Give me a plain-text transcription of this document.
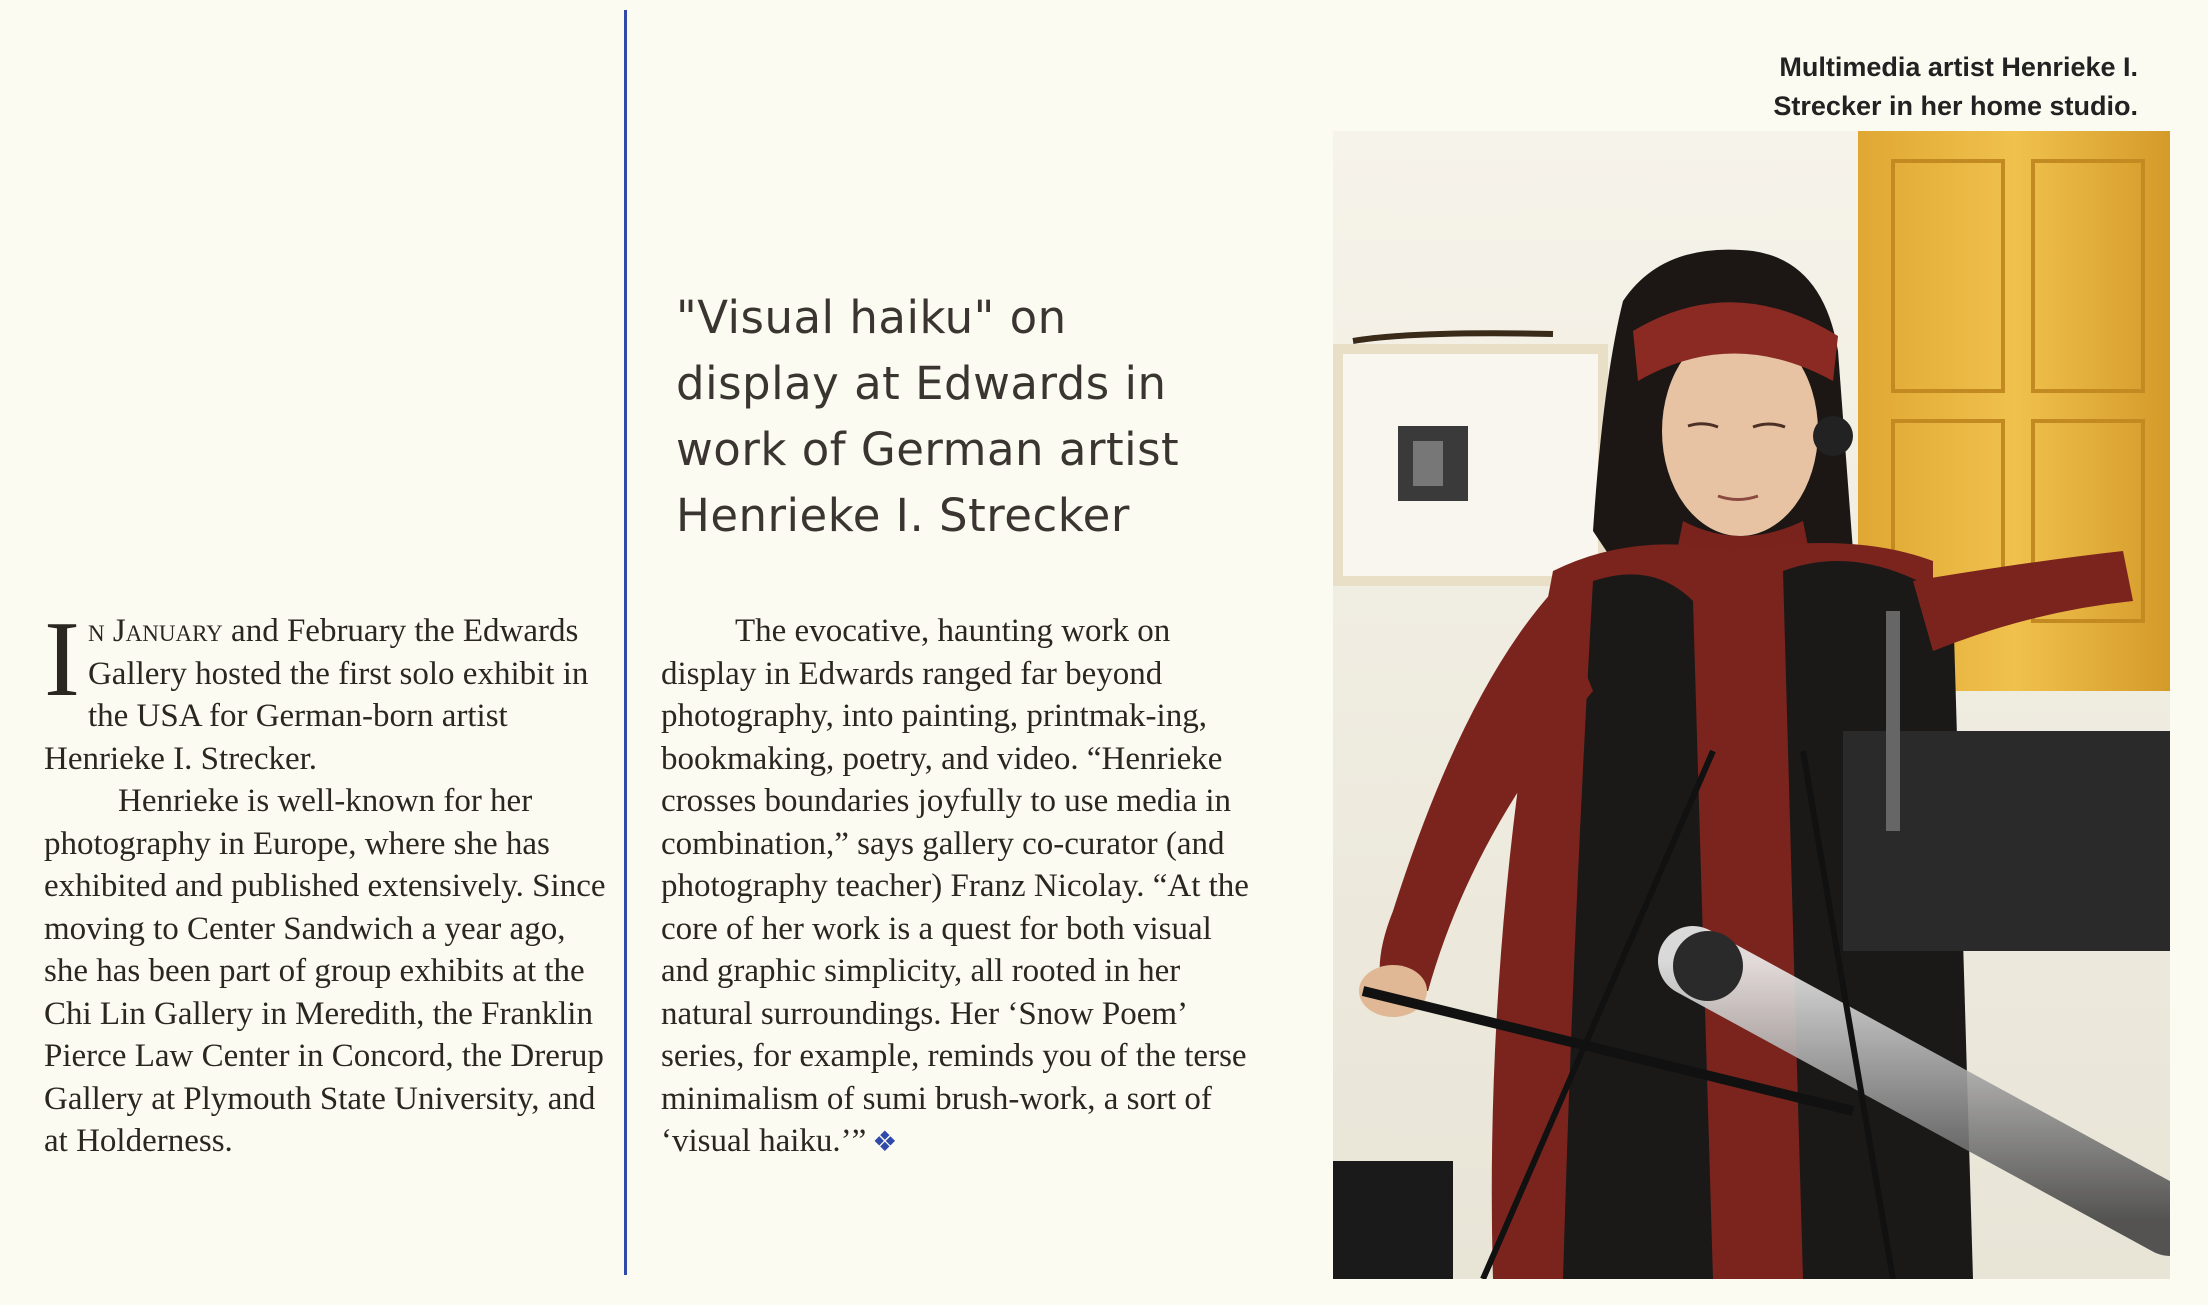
Multimedia artist Henrieke I.
Strecker in her home studio.
"Visual haiku" on
display at Edwards in
work of German artist
Henrieke I. Strecker

In January and February the Edwards Gallery hosted the first solo exhibit in the USA for German-born artist Henrieke I. Strecker.

Henrieke is well-known for her photography in Europe, where she has exhibited and published extensively. Since moving to Center Sandwich a year ago, she has been part of group exhibits at the Chi Lin Gallery in Meredith, the Franklin Pierce Law Center in Concord, the Drerup Gallery at Plymouth State University, and at Holderness.

The evocative, haunting work on display in Edwards ranged far beyond photography, into painting, printmak-ing, bookmaking, poetry, and video. “Henrieke crosses boundaries joyfully to use media in combination,” says gallery co-curator (and photography teacher) Franz Nicolay. “At the core of her work is a quest for both visual and graphic simplicity, all rooted in her natural surroundings. Her ‘Snow Poem’ series, for example, reminds you of the terse minimalism of sumi brush-work, a sort of ‘visual haiku.’” ❖
